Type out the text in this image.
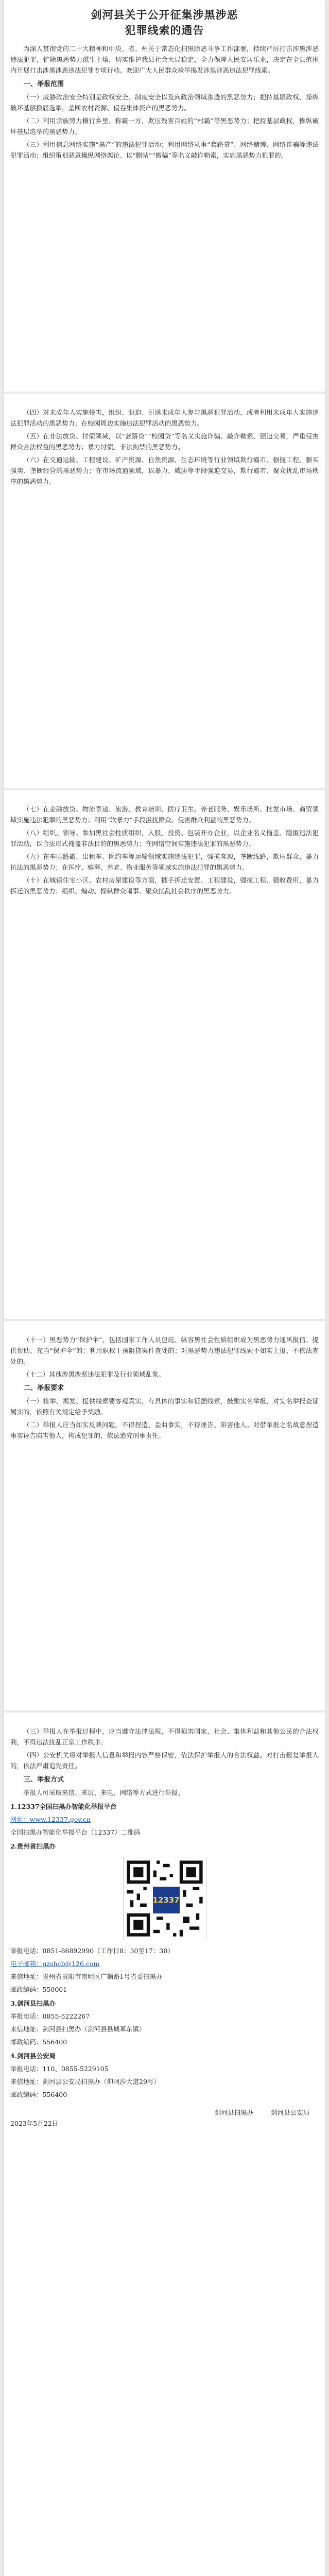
剑河县关于公开征集涉黑涉恶

犯罪线索的通告

为深入贯彻党的二十大精神和中央、省、州关于常态化扫黑除恶斗争工作部署，持续严厉打击涉黑涉恶违法犯罪，铲除黑恶势力滋生土壤，切实维护我县社会大局稳定，全力保障人民安居乐业，决定在全县范围内开展打击涉黑涉恶违法犯罪专项行动。欢迎广大人民群众检举揭发涉黑涉恶违法犯罪线索。

一、举报范围

（一）威胁政治安全特别是政权安全、制度安全以及向政治领域渗透的黑恶势力；把持基层政权、操纵破坏基层换届选举，垄断农村资源、侵吞集体资产的黑恶势力。

（二）利用宗族势力横行乡里、称霸一方，欺压残害百姓的“村霸”等黑恶势力；把持基层政权，操纵破坏基层选举的黑恶势力。

（三）利用信息网络实施“黑产”的违法犯罪活动；利用网络从事“套路贷”、网络赌博、网络诈骗等违法犯罪活动；组织策划恶意操纵网络舆论、以“删帖”“撤稿”等名义敲诈勒索，实施黑恶势力犯罪的。

（四）对未成年人实施侵害，组织、胁迫、引诱未成年人参与黑恶犯罪活动，或者利用未成年人实施违法犯罪活动的黑恶势力；在校园周边实施违法犯罪活动的黑恶势力。

（五）在非法放贷、讨债领域，以“套路贷”“校园贷”等名义实施诈骗、敲诈勒索、强迫交易，严重侵害群众合法权益的黑恶势力；暴力讨债、非法拘禁的黑恶势力。

（六）在交通运输、工程建设、矿产资源、自然资源、生态环境等行业领域欺行霸市、强揽工程、强买强卖、垄断经营的黑恶势力；在市场流通领域，以暴力、威胁等手段强迫交易，欺行霸市、聚众扰乱市场秩序的黑恶势力。

（七）在金融放贷、物流寄递、旅游、教育培训、医疗卫生、养老服务、娱乐场所、批发市场、商贸领域实施违法犯罪的黑恶势力；利用“软暴力”手段滋扰群众、侵害群众利益的黑恶势力。

（八）组织、领导、参加黑社会性质组织，入股、投资、包装开办企业，以企业名义掩盖、隐匿违法犯罪活动，以合法形式掩盖非法目的的黑恶势力；在网络空间实施违法犯罪的黑恶势力。

（九）在车匪路霸、出租车、网约车等运输领域实施违法犯罪，强揽客源，垄断线路，欺压群众，暴力抗法的黑恶势力；在医疗、殡葬、养老、物业服务等领域实施违法犯罪的黑恶势力。

（十）在城镇住宅小区、农村房屋建设等方面，插手拆迁安置、工程建设，强揽工程、强收费用，暴力拆迁的黑恶势力；组织、煽动、操纵群众闹事、聚众扰乱社会秩序的黑恶势力。

（十一）黑恶势力“保护伞”，包括国家工作人员包庇、纵容黑社会性质组织或为黑恶势力通风报信、提供帮助、充当“保护伞”的；利用职权干预阻挠案件查处的；对黑恶势力违法犯罪线索不如实上报、不依法查处的。

（十二）其他涉黑涉恶违法犯罪及行业领域乱象。

二、举报要求

（一）检举、揭发、提供线索要客观真实，有具体的事实和证据线索，鼓励实名举报，对实名举报查证属实的，依照有关规定给予奖励。

（二）举报人应当如实反映问题，不得捏造、歪曲事实，不得诬告、陷害他人。对借举报之名故意捏造事实诬告陷害他人，构成犯罪的，依法追究刑事责任。

（三）举报人在举报过程中，应当遵守法律法规，不得损害国家、社会、集体利益和其他公民的合法权利，不得违法扰乱正常工作秩序。

（四）公安机关将对举报人信息和举报内容严格保密，依法保护举报人的合法权益。对打击报复举报人的，依法严肃追究责任。

三、举报方式

举报人可采取来信、来访、来电、网络等方式进行举报。

1.12337全国扫黑办智能化举报平台

网址：www.12337.gov.cn

全国扫黑办智能化举报平台（12337）二维码

2.贵州省扫黑办
12337

举报电话：0851-86892990（工作日8：30至17：30）

电子邮箱：gzshcb@126.com

来信地址：贵州省贵阳市南明区广顺路1号省委扫黑办

邮政编码：550001

3.剑河县扫黑办

举报电话：0855-5222267

来信地址：剑河县扫黑办（剑河县县城革东镇）

邮政编码：556400

4.剑河县公安局

举报电话：110、0855-5229105

来信地址：剑河县公安局扫黑办（仰阿莎大道29号）

邮政编码：556400

剑河县扫黑办	剑河县公安局

2023年5月22日
